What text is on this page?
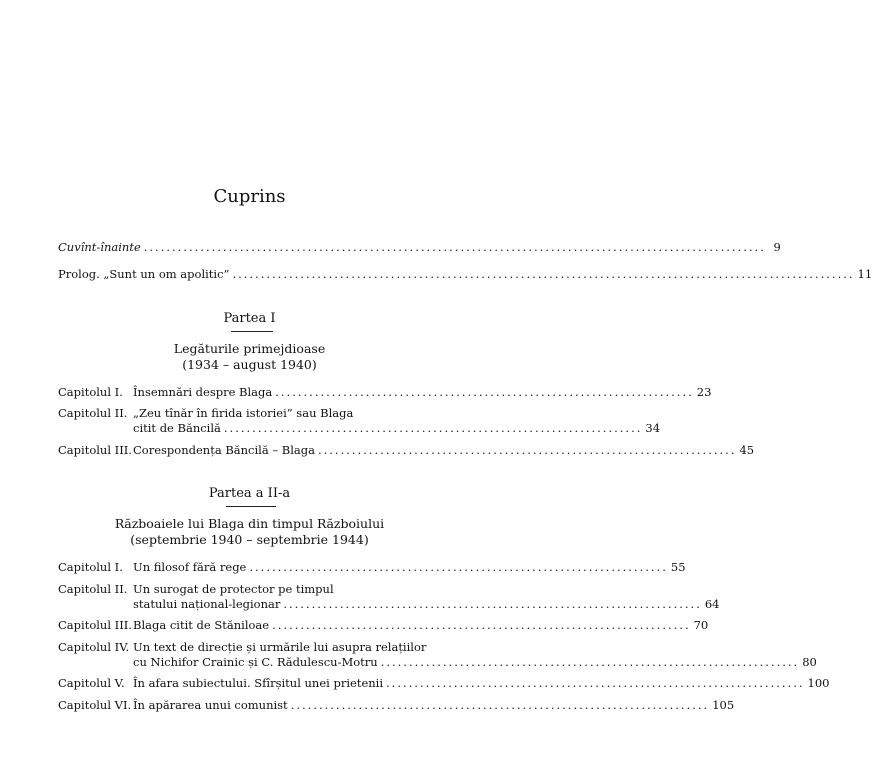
Cuprins
Cuvînt-înainte .............................................................................................................. 9
Prolog. „Sunt un om apolitic” .............................................................................................................. 11
Partea I
Legăturile primejdioase
(1934 – august 1940)
Capitolul I. Însemnări despre Blaga .......................................................................... 23
Capitolul II. „Zeu tînăr în firida istoriei” sau Blaga
citit de Băncilă .......................................................................... 34
Capitolul III. Corespondența Băncilă – Blaga .......................................................................... 45
Partea a II-a
Războaiele lui Blaga din timpul Războiului
(septembrie 1940 – septembrie 1944)
Capitolul I. Un filosof fără rege .......................................................................... 55
Capitolul II. Un surogat de protector pe timpul
statului național-legionar .......................................................................... 64
Capitolul III. Blaga citit de Stăniloae .......................................................................... 70
Capitolul IV. Un text de direcție și urmările lui asupra relațiilor
cu Nichifor Crainic și C. Rădulescu-Motru .......................................................................... 80
Capitolul V. În afara subiectului. Sfîrșitul unei prietenii .......................................................................... 100
Capitolul VI. În apărarea unui comunist .......................................................................... 105
